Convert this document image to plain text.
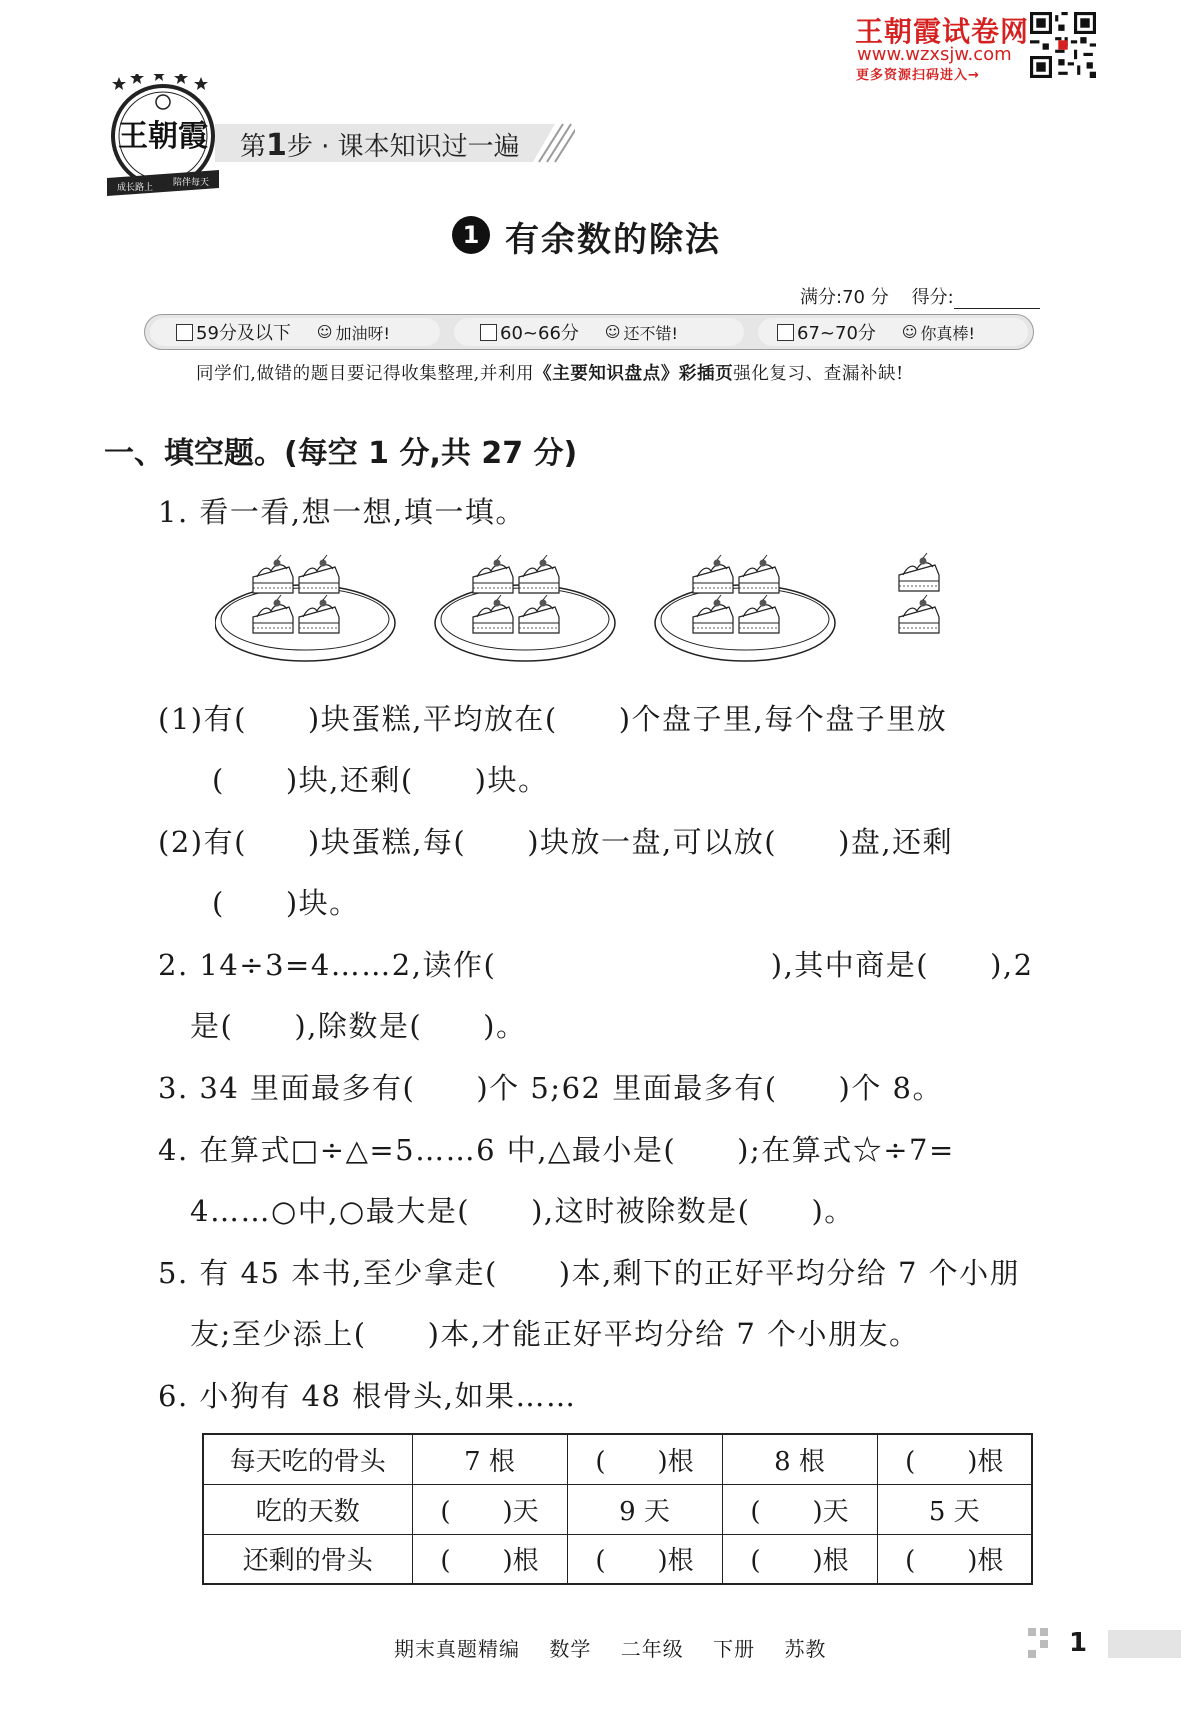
王朝霞试卷网
www.wzxsjw.com
更多资源扫码进入→
王朝霞
成长路上 陪伴每天
第1步 · 课本知识过一遍
1 有余数的除法
满分:70 分 得分:
59分及以下 ☺ 加油呀!	60~66分 ☺ 还不错!	67~70分 ☺ 你真棒!
同学们,做错的题目要记得收集整理,并利用《主要知识盘点》彩插页强化复习、查漏补缺!
一、填空题。(每空 1 分,共 27 分)
1. 看一看,想一想,填一填。
(1)有(　　)块蛋糕,平均放在(　　)个盘子里,每个盘子里放
(　　)块,还剩(　　)块。
(2)有(　　)块蛋糕,每(　　)块放一盘,可以放(　　)盘,还剩
(　　)块。
2. 14÷3=4……2,读作(　　　　　　　　　),其中商是(　　),2
是(　　),除数是(　　)。
3. 34 里面最多有(　　)个 5;62 里面最多有(　　)个 8。
4. 在算式□÷△=5……6 中,△最小是(　　);在算式☆÷7=
4……○中,○最大是(　　),这时被除数是(　　)。
5. 有 45 本书,至少拿走(　　)本,剩下的正好平均分给 7 个小朋
友;至少添上(　　)本,才能正好平均分给 7 个小朋友。
6. 小狗有 48 根骨头,如果……
每天吃的骨头	7 根	(　　)根	8 根	(　　)根
吃的天数	(　　)天	9 天	(　　)天	5 天
还剩的骨头	(　　)根	(　　)根	(　　)根	(　　)根
期末真题精编 数学 二年级 下册 苏教	1
